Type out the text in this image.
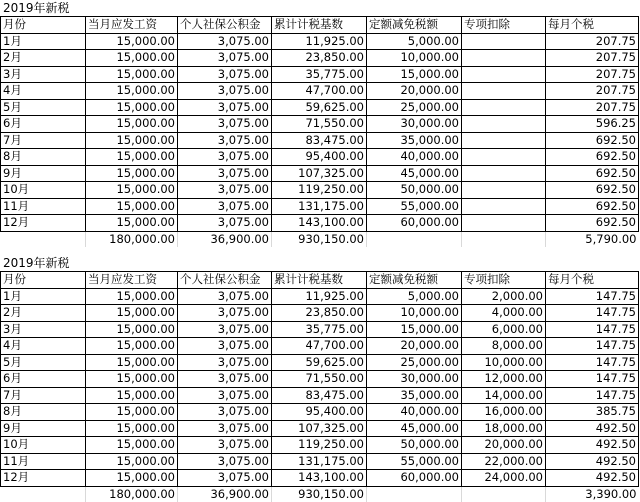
2019年新税
月份	当月应发工资	个人社保公积金	累计计税基数	定额减免税额	专项扣除	每月个税
1月	15,000.00	3,075.00	11,925.00	5,000.00		207.75
2月	15,000.00	3,075.00	23,850.00	10,000.00		207.75
3月	15,000.00	3,075.00	35,775.00	15,000.00		207.75
4月	15,000.00	3,075.00	47,700.00	20,000.00		207.75
5月	15,000.00	3,075.00	59,625.00	25,000.00		207.75
6月	15,000.00	3,075.00	71,550.00	30,000.00		596.25
7月	15,000.00	3,075.00	83,475.00	35,000.00		692.50
8月	15,000.00	3,075.00	95,400.00	40,000.00		692.50
9月	15,000.00	3,075.00	107,325.00	45,000.00		692.50
10月	15,000.00	3,075.00	119,250.00	50,000.00		692.50
11月	15,000.00	3,075.00	131,175.00	55,000.00		692.50
12月	15,000.00	3,075.00	143,100.00	60,000.00		692.50
	180,000.00	36,900.00	930,150.00			5,790.00
2019年新税
月份	当月应发工资	个人社保公积金	累计计税基数	定额减免税额	专项扣除	每月个税
1月	15,000.00	3,075.00	11,925.00	5,000.00	2,000.00	147.75
2月	15,000.00	3,075.00	23,850.00	10,000.00	4,000.00	147.75
3月	15,000.00	3,075.00	35,775.00	15,000.00	6,000.00	147.75
4月	15,000.00	3,075.00	47,700.00	20,000.00	8,000.00	147.75
5月	15,000.00	3,075.00	59,625.00	25,000.00	10,000.00	147.75
6月	15,000.00	3,075.00	71,550.00	30,000.00	12,000.00	147.75
7月	15,000.00	3,075.00	83,475.00	35,000.00	14,000.00	147.75
8月	15,000.00	3,075.00	95,400.00	40,000.00	16,000.00	385.75
9月	15,000.00	3,075.00	107,325.00	45,000.00	18,000.00	492.50
10月	15,000.00	3,075.00	119,250.00	50,000.00	20,000.00	492.50
11月	15,000.00	3,075.00	131,175.00	55,000.00	22,000.00	492.50
12月	15,000.00	3,075.00	143,100.00	60,000.00	24,000.00	492.50
	180,000.00	36,900.00	930,150.00			3,390.00
